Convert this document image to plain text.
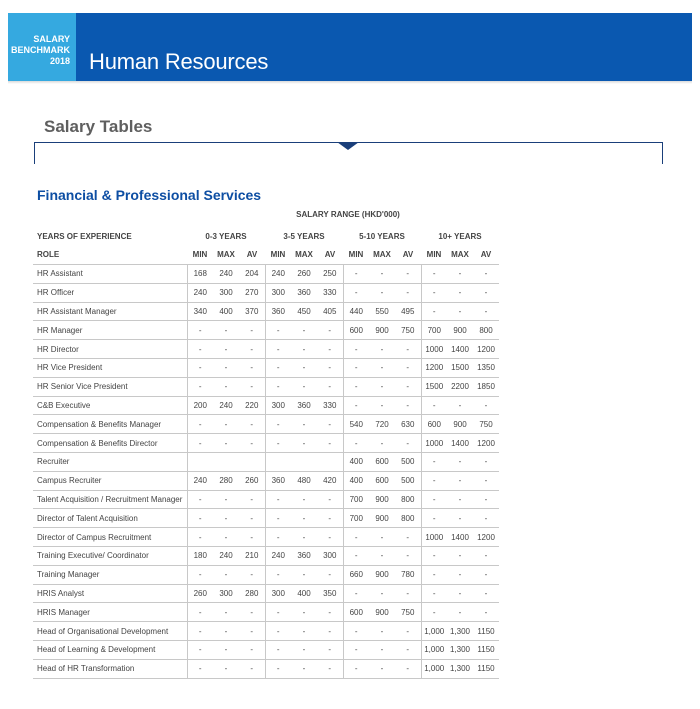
SALARY
BENCHMARK
2018 Human Resources
Salary Tables
Financial & Professional Services
SALARY RANGE (HKD'000)
YEARS OF EXPERIENCE	0-3 YEARS			3-5 YEARS			5-10 YEARS			10+ YEARS		
ROLE	MIN	MAX	AV	MIN	MAX	AV	MIN	MAX	AV	MIN	MAX	AV
HR Assistant	168	240	204	240	260	250	-	-	-	-	-	-
HR Officer	240	300	270	300	360	330	-	-	-	-	-	-
HR Assistant Manager	340	400	370	360	450	405	440	550	495	-	-	-
HR Manager	-	-	-	-	-	-	600	900	750	700	900	800
HR Director	-	-	-	-	-	-	-	-	-	1000	1400	1200
HR Vice President	-	-	-	-	-	-	-	-	-	1200	1500	1350
HR Senior Vice President	-	-	-	-	-	-	-	-	-	1500	2200	1850
C&B Executive	200	240	220	300	360	330	-	-	-	-	-	-
Compensation & Benefits Manager	-	-	-	-	-	-	540	720	630	600	900	750
Compensation & Benefits Director	-	-	-	-	-	-	-	-	-	1000	1400	1200
Recruiter							400	600	500	-	-	-
Campus Recruiter	240	280	260	360	480	420	400	600	500	-	-	-
Talent Acquisition / Recruitment Manager	-	-	-	-	-	-	700	900	800	-	-	-
Director of Talent Acquisition	-	-	-	-	-	-	700	900	800	-	-	-
Director of Campus Recruitment	-	-	-	-	-	-	-	-	-	1000	1400	1200
Training Executive/ Coordinator	180	240	210	240	360	300	-	-	-	-	-	-
Training Manager	-	-	-	-	-	-	660	900	780	-	-	-
HRIS Analyst	260	300	280	300	400	350	-	-	-	-	-	-
HRIS Manager	-	-	-	-	-	-	600	900	750	-	-	-
Head of Organisational Development	-	-	-	-	-	-	-	-	-	1,000	1,300	1150
Head of Learning & Development	-	-	-	-	-	-	-	-	-	1,000	1,300	1150
Head of HR Transformation	-	-	-	-	-	-	-	-	-	1,000	1,300	1150
